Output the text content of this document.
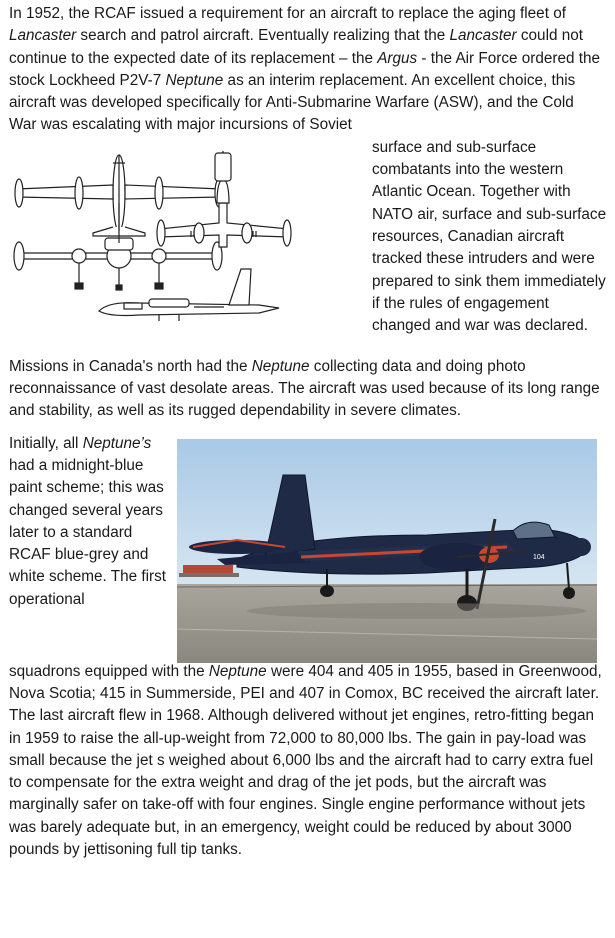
In 1952, the RCAF issued a requirement for an aircraft to replace the aging fleet of Lancaster search and patrol aircraft. Eventually realizing that the Lancaster could not continue to the expected date of its replacement – the Argus - the Air Force ordered the stock Lockheed P2V-7 Neptune as an interim replacement. An excellent choice, this aircraft was developed specifically for Anti-Submarine Warfare (ASW), and the Cold War was escalating with major incursions of Soviet

surface and sub-surface combatants into the western Atlantic Ocean. Together with NATO air, surface and sub-surface resources, Canadian aircraft tracked these intruders and were prepared to sink them immediately if the rules of engagement changed and war was declared.

Missions in Canada's north had the Neptune collecting data and doing photo reconnaissance of vast desolate areas. The aircraft was used because of its long range and stability, as well as its rugged dependability in severe climates.

Initially, all Neptune’s had a midnight-blue paint scheme; this was changed several years later to a standard RCAF blue-grey and white scheme. The first operational

104

squadrons equipped with the Neptune were 404 and 405 in 1955, based in Greenwood, Nova Scotia; 415 in Summerside, PEI and 407 in Comox, BC received the aircraft later. The last aircraft flew in 1968. Although delivered without jet engines, retro-fitting began in 1959 to raise the all-up-weight from 72,000 to 80,000 lbs. The gain in pay-load was small because the jet s weighed about 6,000 lbs and the aircraft had to carry extra fuel to compensate for the extra weight and drag of the jet pods, but the aircraft was marginally safer on take-off with four engines. Single engine performance without jets was barely adequate but, in an emergency, weight could be reduced by about 3000 pounds by jettisoning full tip tanks.
